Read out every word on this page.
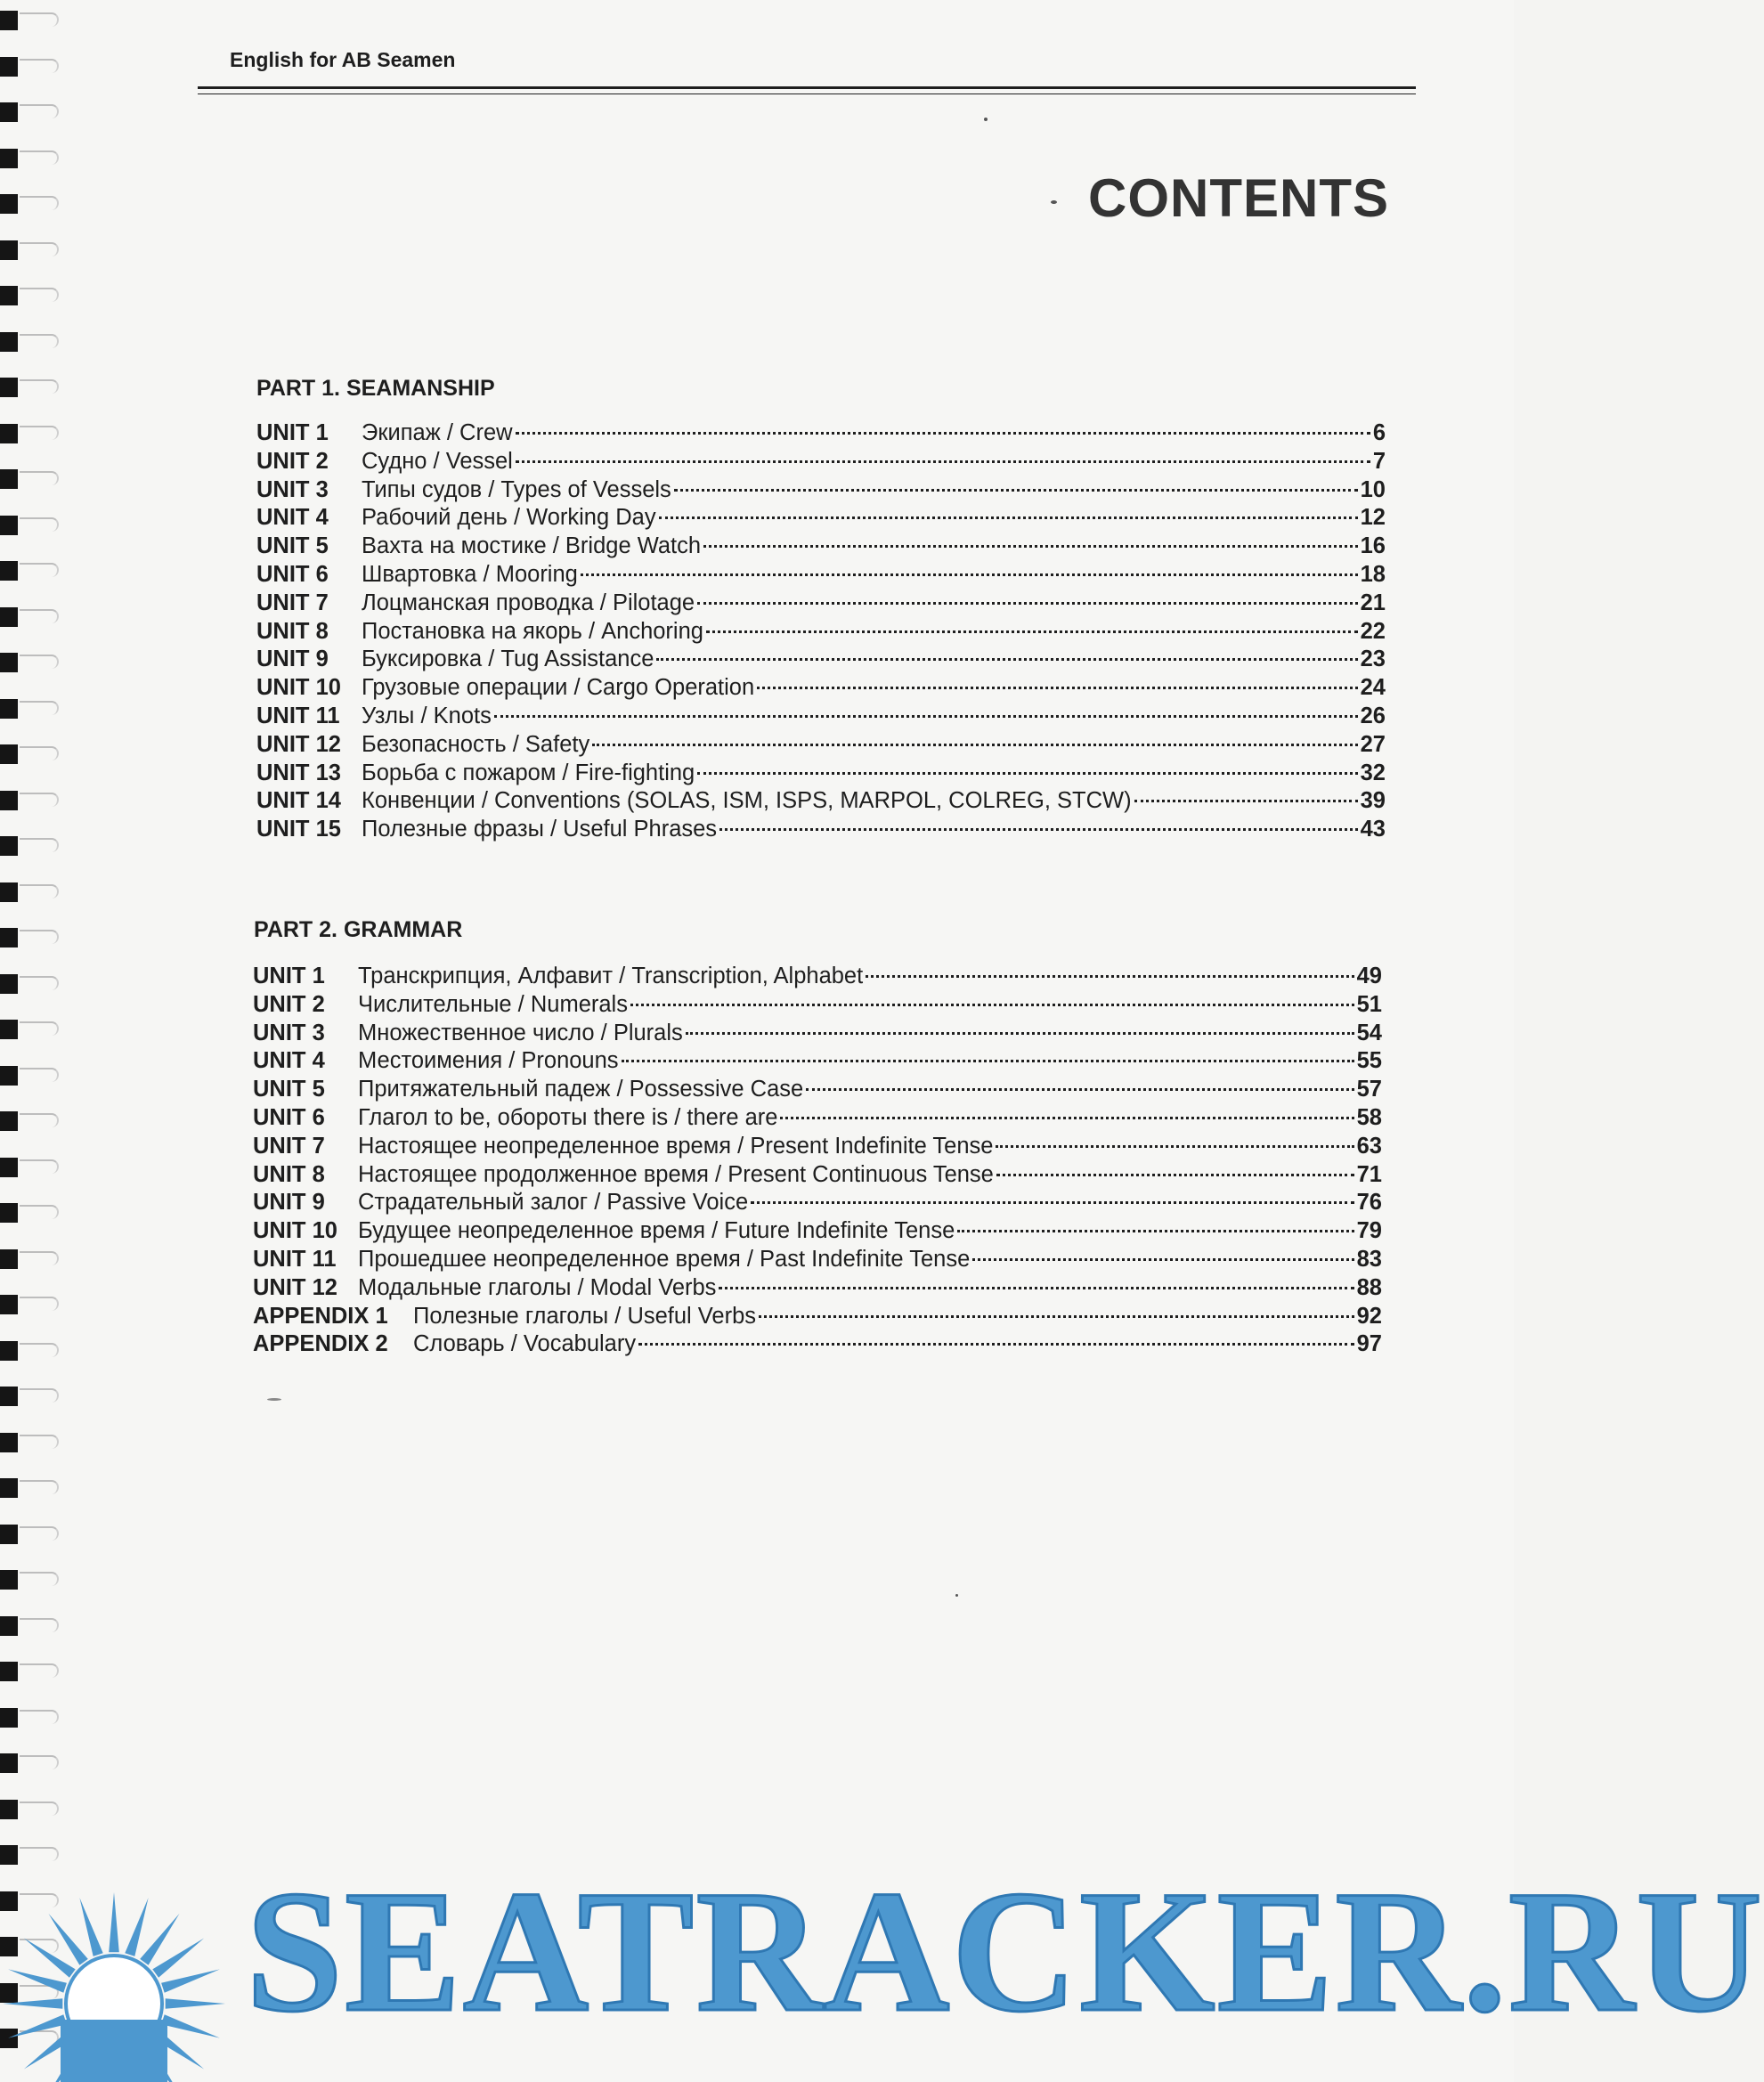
English for AB Seamen
CONTENTS
PART 1. SEAMANSHIP
UNIT 1	Экипаж / Crew	6
UNIT 2	Судно / Vessel	7
UNIT 3	Типы судов / Types of Vessels	10
UNIT 4	Рабочий день / Working Day	12
UNIT 5	Вахта на мостике / Bridge Watch	16
UNIT 6	Швартовка / Mooring	18
UNIT 7	Лоцманская проводка / Pilotage	21
UNIT 8	Постановка на якорь / Anchoring	22
UNIT 9	Буксировка / Tug Assistance	23
UNIT 10 Грузовые операции / Cargo Operation	24
UNIT 11 Узлы / Knots	26
UNIT 12 Безопасность / Safety	27
UNIT 13 Борьба с пожаром / Fire-fighting	32
UNIT 14 Конвенции / Conventions (SOLAS, ISM, ISPS, MARPOL, COLREG, STCW)	39
UNIT 15 Полезные фразы / Useful Phrases	43
PART 2. GRAMMAR
UNIT 1	Транскрипция, Алфавит / Transcription, Alphabet	49
UNIT 2	Числительные / Numerals	51
UNIT 3	Множественное число / Plurals	54
UNIT 4	Местоимения / Pronouns	55
UNIT 5	Притяжательный падеж / Possessive Case	57
UNIT 6	Глагол to be, обороты there is / there are	58
UNIT 7	Настоящее неопределенное время / Present Indefinite Tense	63
UNIT 8	Настоящее продолженное время / Present Continuous Tense	71
UNIT 9	Страдательный залог / Passive Voice	76
UNIT 10 Будущее неопределенное время / Future Indefinite Tense	79
UNIT 11 Прошедшее неопределенное время / Past Indefinite Tense	83
UNIT 12 Модальные глаголы / Modal Verbs	88
APPENDIX 1	Полезные глаголы / Useful Verbs	92
APPENDIX 2	Словарь / Vocabulary	97
SEATRACKER.RU
